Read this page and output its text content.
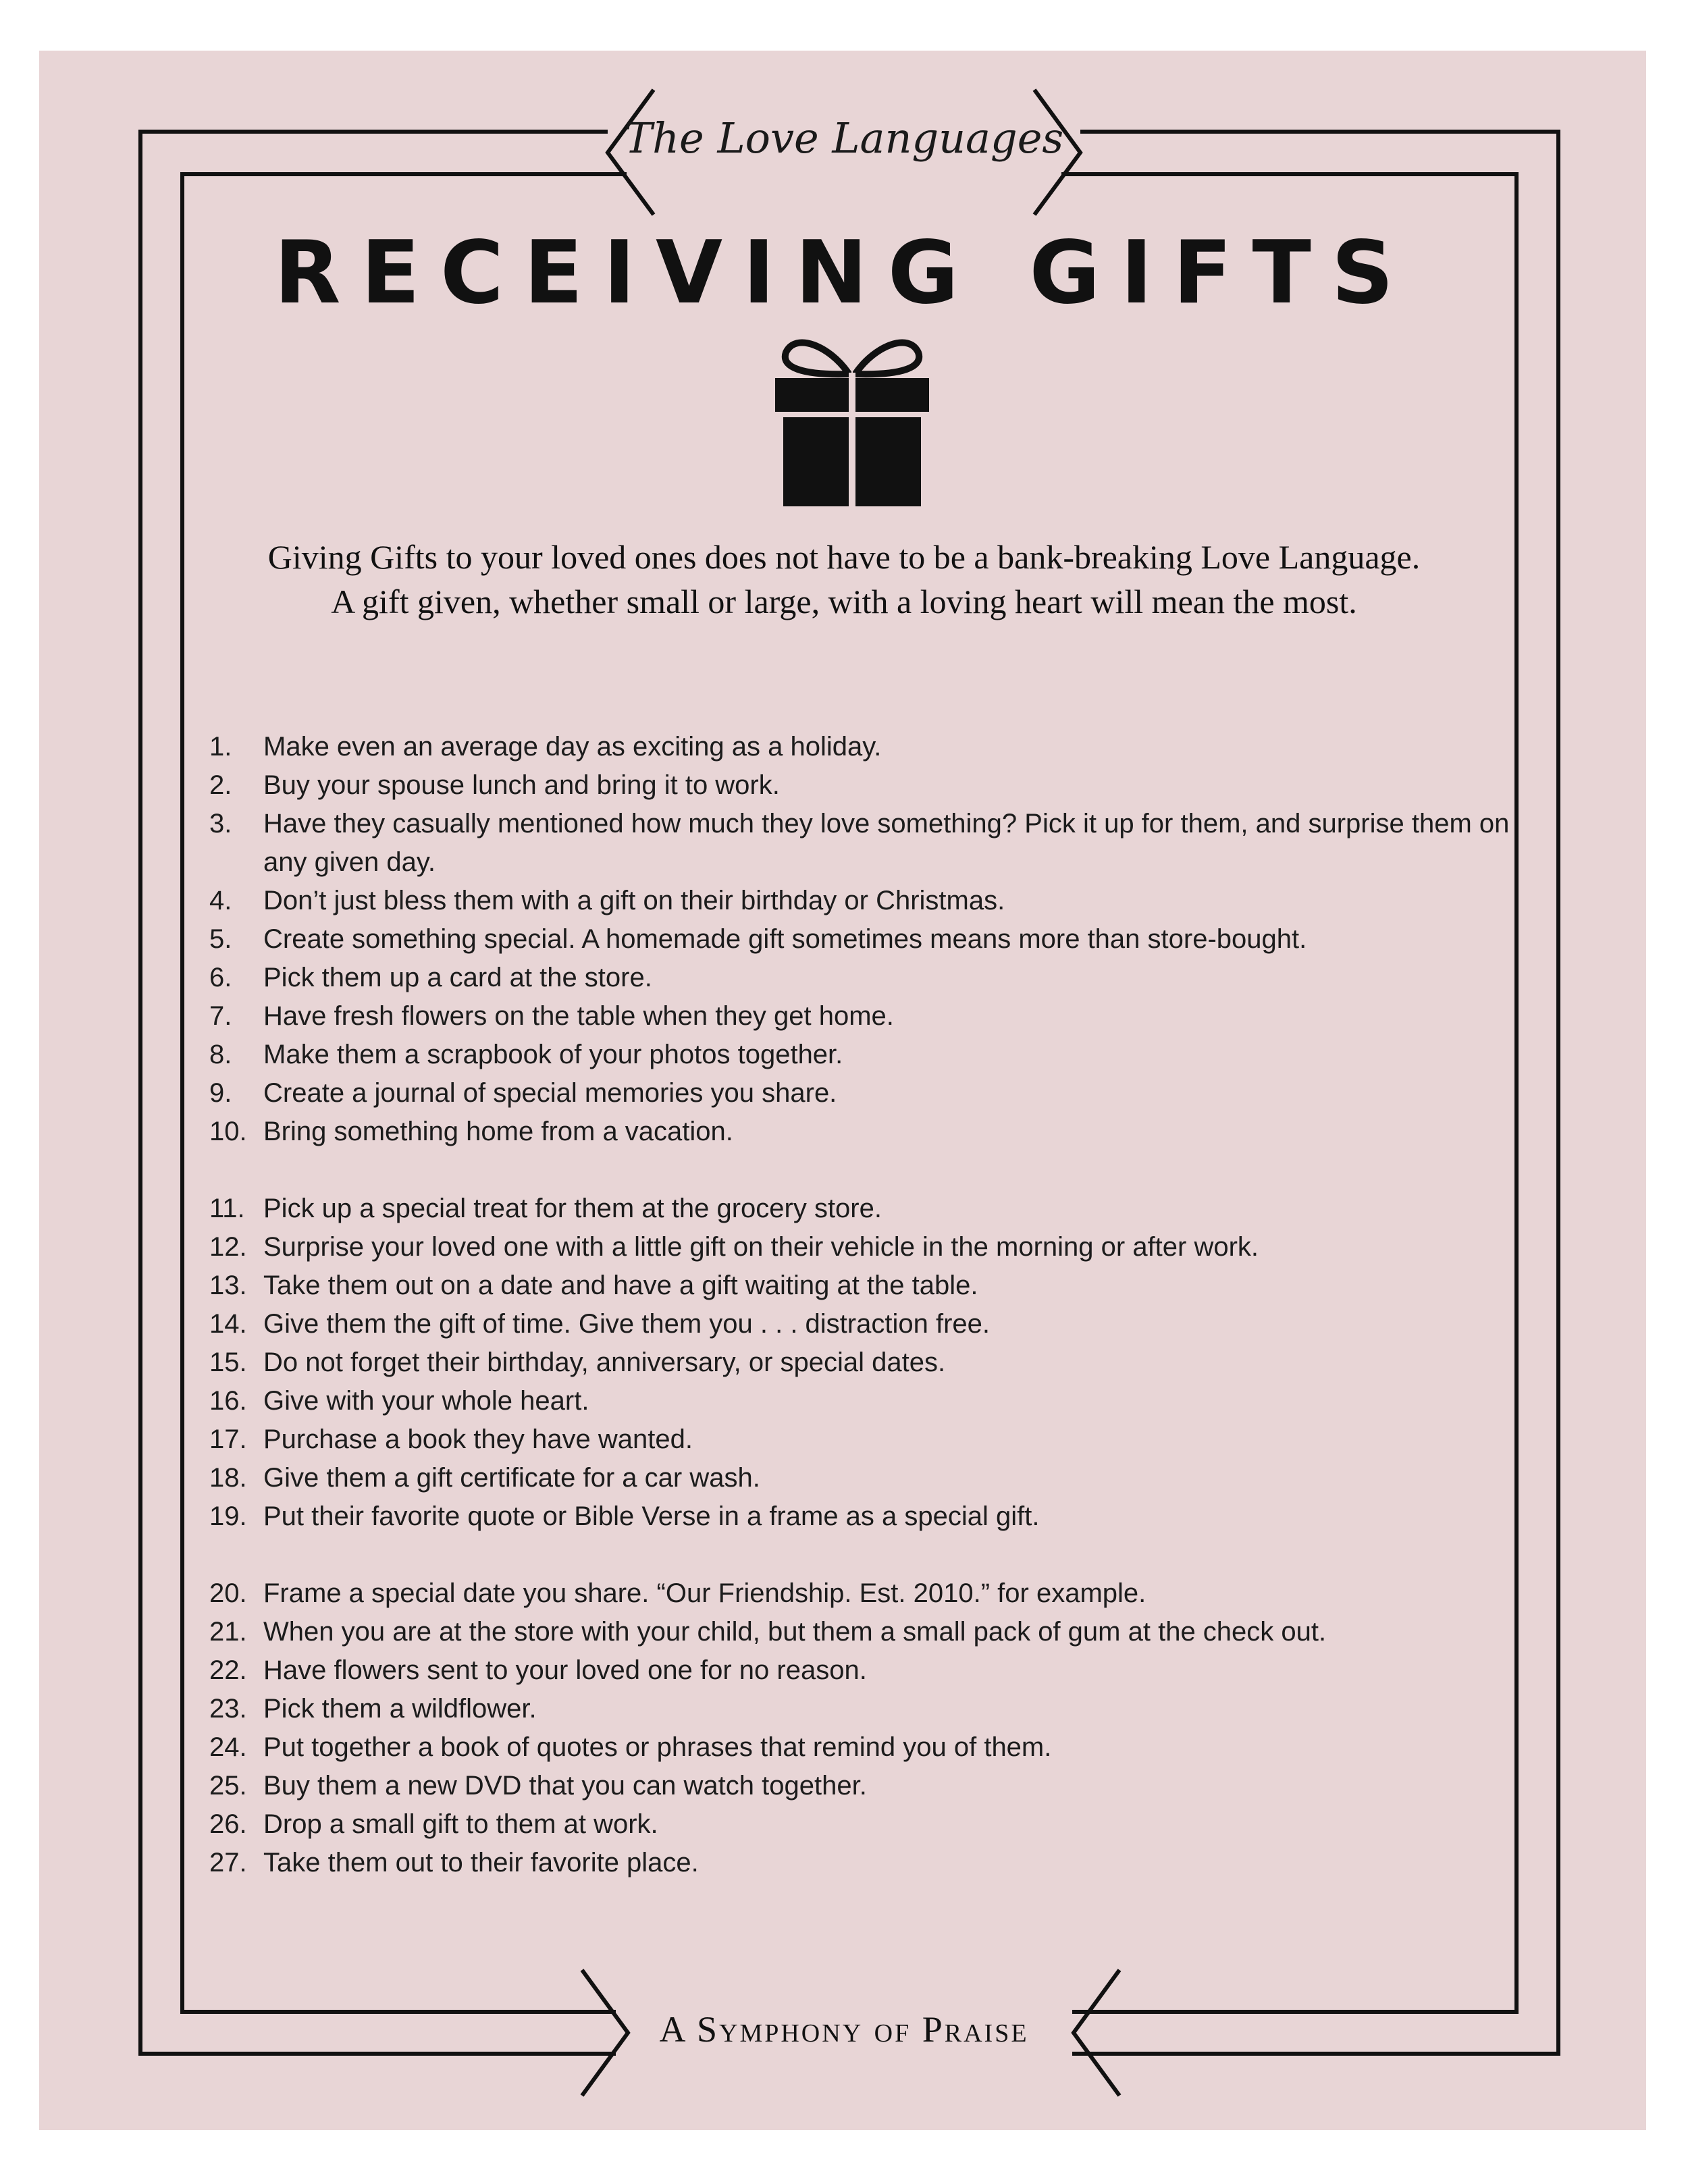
The Love Languages
RECEIVING GIFTS
Giving Gifts to your loved ones does not have to be a bank-breaking Love Language.
A gift given, whether small or large, with a loving heart will mean the most.
1.	Make even an average day as exciting as a holiday.
2.	Buy your spouse lunch and bring it to work.
3.	Have they casually mentioned how much they love something? Pick it up for them, and surprise them on any given day.
4.	Don’t just bless them with a gift on their birthday or Christmas.
5.	Create something special. A homemade gift sometimes means more than store-bought.
6.	Pick them up a card at the store.
7.	Have fresh flowers on the table when they get home.
8.	Make them a scrapbook of your photos together.
9.	Create a journal of special memories you share.
10. Bring something home from a vacation.
11. Pick up a special treat for them at the grocery store.
12. Surprise your loved one with a little gift on their vehicle in the morning or after work.
13. Take them out on a date and have a gift waiting at the table.
14. Give them the gift of time. Give them you . . . distraction free.
15. Do not forget their birthday, anniversary, or special dates.
16. Give with your whole heart.
17. Purchase a book they have wanted.
18. Give them a gift certificate for a car wash.
19. Put their favorite quote or Bible Verse in a frame as a special gift.
20. Frame a special date you share. “Our Friendship. Est. 2010.” for example.
21. When you are at the store with your child, but them a small pack of gum at the check out.
22. Have flowers sent to your loved one for no reason.
23. Pick them a wildflower.
24. Put together a book of quotes or phrases that remind you of them.
25. Buy them a new DVD that you can watch together.
26. Drop a small gift to them at work.
27. Take them out to their favorite place.
A Symphony of Praise
